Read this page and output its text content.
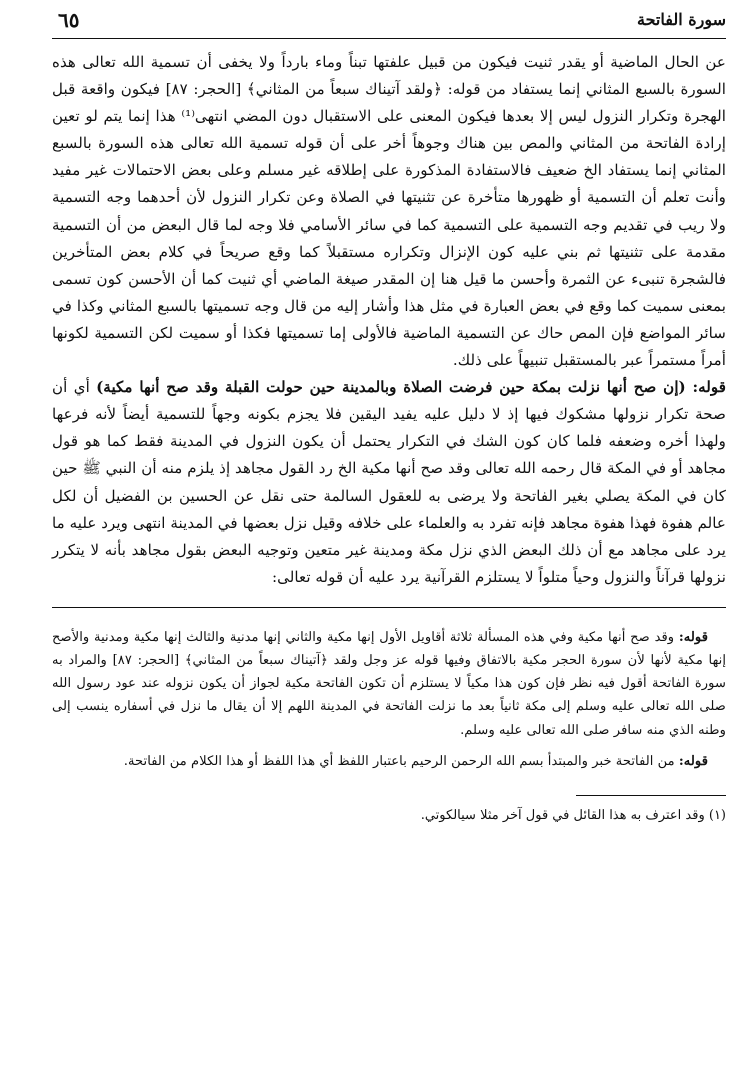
سورة الفاتحة
٦٥

عن الحال الماضية أو يقدر ثنيت فيكون من قبيل علفتها تبناً وماء بارداً ولا يخفى أن تسمية الله تعالى هذه السورة بالسبع المثاني إنما يستفاد من قوله: ﴿ولقد آتيناك سبعاً من المثاني﴾ [الحجر: ٨٧] فيكون واقعة قبل الهجرة وتكرار النزول ليس إلا بعدها فيكون المعنى على الاستقبال دون المضي انتهى⁽¹⁾ هذا إنما يتم لو تعين إرادة الفاتحة من المثاني والمص بين هناك وجوهاً أخر على أن قوله تسمية الله تعالى هذه السورة بالسبع المثاني إنما يستفاد الخ ضعيف فالاستفادة المذكورة على إطلاقه غير مسلم وعلى بعض الاحتمالات غير مفيد وأنت تعلم أن التسمية أو ظهورها متأخرة عن تثنيتها في الصلاة وعن تكرار النزول لأن أحدهما وجه التسمية ولا ريب في تقديم وجه التسمية على التسمية كما في سائر الأسامي فلا وجه لما قال البعض من أن التسمية مقدمة على تثنيتها ثم بني عليه كون الإنزال وتكراره مستقبلاً كما وقع صريحاً في كلام بعض المتأخرين فالشجرة تنبىء عن الثمرة وأحسن ما قيل هنا إن المقدر صيغة الماضي أي ثنيت كما أن الأحسن كون تسمى بمعنى سميت كما وقع في بعض العبارة في مثل هذا وأشار إليه من قال وجه تسميتها بالسبع المثاني وكذا في سائر المواضع فإن المص حاك عن التسمية الماضية فالأولى إما تسميتها فكذا أو سميت لكن التسمية لكونها أمراً مستمراً عبر بالمستقبل تنبيهاً على ذلك.

قوله: (إن صح أنها نزلت بمكة حين فرضت الصلاة وبالمدينة حين حولت القبلة وقد صح أنها مكية) أي أن صحة تكرار نزولها مشكوك فيها إذ لا دليل عليه يفيد اليقين فلا يجزم بكونه وجهاً للتسمية أيضاً لأنه فرعها ولهذا أخره وضعفه فلما كان كون الشك في التكرار يحتمل أن يكون النزول في المدينة فقط كما هو قول مجاهد أو في المكة قال رحمه الله تعالى وقد صح أنها مكية الخ رد القول مجاهد إذ يلزم منه أن النبي ﷺ حين كان في المكة يصلي بغير الفاتحة ولا يرضى به للعقول السالمة حتى نقل عن الحسين بن الفضيل أن لكل عالم هفوة فهذا هفوة مجاهد فإنه تفرد به والعلماء على خلافه وقيل نزل بعضها في المدينة انتهى ويرد عليه ما يرد على مجاهد مع أن ذلك البعض الذي نزل مكة ومدينة غير متعين وتوجيه البعض بقول مجاهد بأنه لا يتكرر نزولها قرآناً والنزول وحياً متلواً لا يستلزم القرآنية يرد عليه أن قوله تعالى:

قوله: وقد صح أنها مكية وفي هذه المسألة ثلاثة أقاويل الأول إنها مكية والثاني إنها مدنية والثالث إنها مكية ومدنية والأصح إنها مكية لأنها لأن سورة الحجر مكية بالاتفاق وفيها قوله عز وجل ولقد ﴿آتيناك سبعاً من المثاني﴾ [الحجر: ٨٧] والمراد به سورة الفاتحة أقول فيه نظر فإن كون هذا مكياً لا يستلزم أن تكون الفاتحة مكية لجواز أن يكون نزوله عند عود رسول الله صلى الله تعالى عليه وسلم إلى مكة ثانياً بعد ما نزلت الفاتحة في المدينة اللهم إلا أن يقال ما نزل في أسفاره ينسب إلى وطنه الذي منه سافر صلى الله تعالى عليه وسلم.

قوله: من الفاتحة خبر والمبتدأ بسم الله الرحمن الرحيم باعتبار اللفظ أي هذا اللفظ أو هذا الكلام من الفاتحة.

(١) وقد اعترف به هذا القائل في قول آخر مثلا سيالكوتي.
